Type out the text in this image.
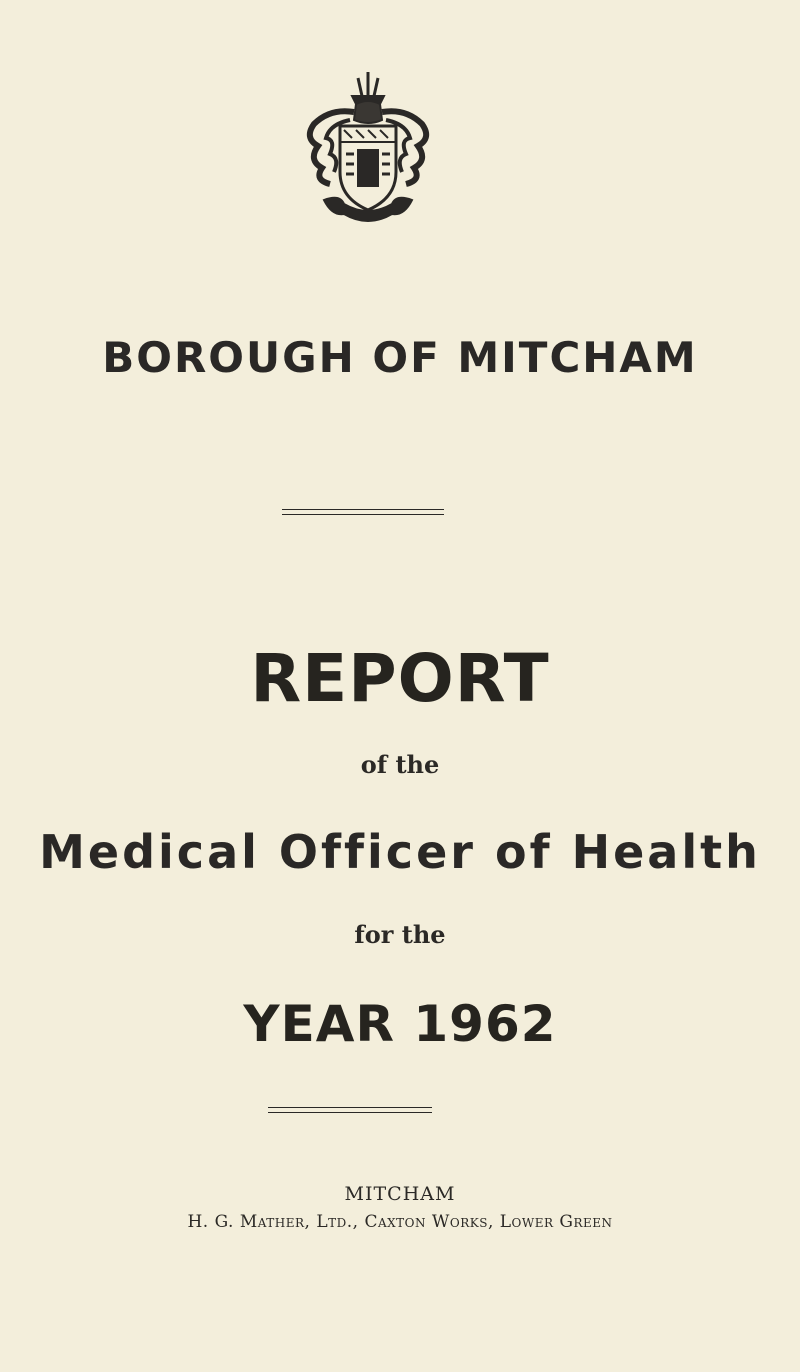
BOROUGH OF MITCHAM
REPORT
of the
Medical Officer of Health
for the
YEAR 1962
MITCHAM
H. G. Mather, Ltd., Caxton Works, Lower Green
